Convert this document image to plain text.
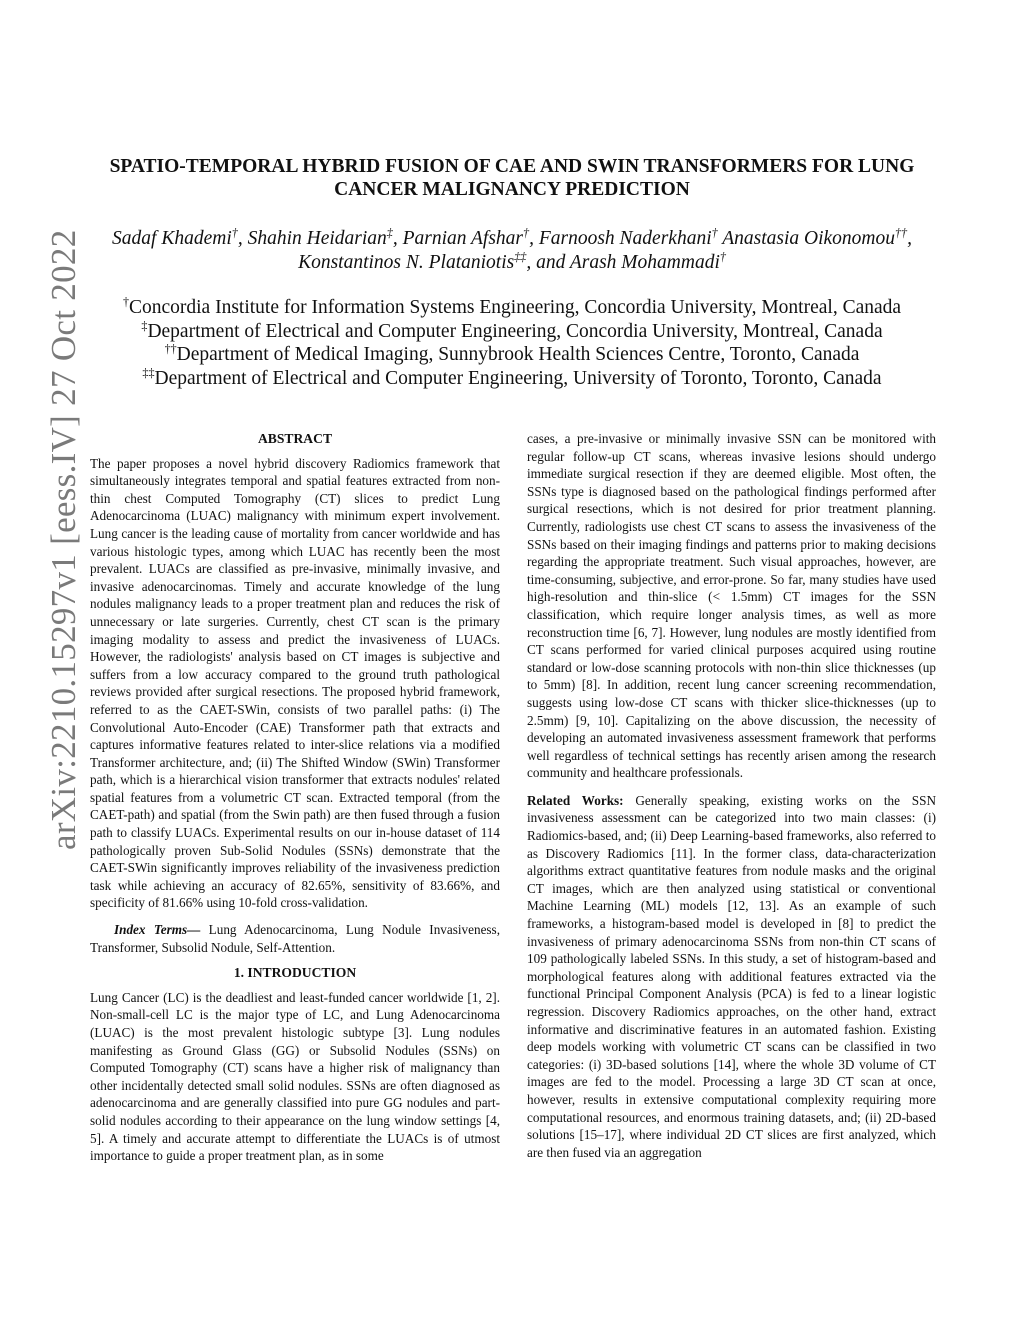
arXiv:2210.15297v1 [eess.IV] 27 Oct 2022
SPATIO-TEMPORAL HYBRID FUSION OF CAE AND SWIN TRANSFORMERS FOR LUNG CANCER MALIGNANCY PREDICTION
Sadaf Khademi†, Shahin Heidarian‡, Parnian Afshar†, Farnoosh Naderkhani† Anastasia Oikonomou††,
Konstantinos N. Plataniotis‡‡, and Arash Mohammadi†
†Concordia Institute for Information Systems Engineering, Concordia University, Montreal, Canada
‡Department of Electrical and Computer Engineering, Concordia University, Montreal, Canada
††Department of Medical Imaging, Sunnybrook Health Sciences Centre, Toronto, Canada
‡‡Department of Electrical and Computer Engineering, University of Toronto, Toronto, Canada
ABSTRACT

The paper proposes a novel hybrid discovery Radiomics framework that simultaneously integrates temporal and spatial features extracted from non-thin chest Computed Tomography (CT) slices to predict Lung Adenocarcinoma (LUAC) malignancy with minimum expert involvement. Lung cancer is the leading cause of mortality from cancer worldwide and has various histologic types, among which LUAC has recently been the most prevalent. LUACs are classified as pre-invasive, minimally invasive, and invasive adenocarcinomas. Timely and accurate knowledge of the lung nodules malignancy leads to a proper treatment plan and reduces the risk of unnecessary or late surgeries. Currently, chest CT scan is the primary imaging modality to assess and predict the invasiveness of LUACs. However, the radiologists' analysis based on CT images is subjective and suffers from a low accuracy compared to the ground truth pathological reviews provided after surgical resections. The proposed hybrid framework, referred to as the CAET-SWin, consists of two parallel paths: (i) The Convolutional Auto-Encoder (CAE) Transformer path that extracts and captures informative features related to inter-slice relations via a modified Transformer architecture, and; (ii) The Shifted Window (SWin) Transformer path, which is a hierarchical vision transformer that extracts nodules' related spatial features from a volumetric CT scan. Extracted temporal (from the CAET-path) and spatial (from the Swin path) are then fused through a fusion path to classify LUACs. Experimental results on our in-house dataset of 114 pathologically proven Sub-Solid Nodules (SSNs) demonstrate that the CAET-SWin significantly improves reliability of the invasiveness prediction task while achieving an accuracy of 82.65%, sensitivity of 83.66%, and specificity of 81.66% using 10-fold cross-validation.

Index Terms— Lung Adenocarcinoma, Lung Nodule Invasiveness, Transformer, Subsolid Nodule, Self-Attention.

1. INTRODUCTION

Lung Cancer (LC) is the deadliest and least-funded cancer worldwide [1, 2]. Non-small-cell LC is the major type of LC, and Lung Adenocarcinoma (LUAC) is the most prevalent histologic subtype [3]. Lung nodules manifesting as Ground Glass (GG) or Subsolid Nodules (SSNs) on Computed Tomography (CT) scans have a higher risk of malignancy than other incidentally detected small solid nodules. SSNs are often diagnosed as adenocarcinoma and are generally classified into pure GG nodules and part-solid nodules according to their appearance on the lung window settings [4, 5]. A timely and accurate attempt to differentiate the LUACs is of utmost importance to guide a proper treatment plan, as in some

cases, a pre-invasive or minimally invasive SSN can be monitored with regular follow-up CT scans, whereas invasive lesions should undergo immediate surgical resection if they are deemed eligible. Most often, the SSNs type is diagnosed based on the pathological findings performed after surgical resections, which is not desired for prior treatment planning. Currently, radiologists use chest CT scans to assess the invasiveness of the SSNs based on their imaging findings and patterns prior to making decisions regarding the appropriate treatment. Such visual approaches, however, are time-consuming, subjective, and error-prone. So far, many studies have used high-resolution and thin-slice (< 1.5mm) CT images for the SSN classification, which require longer analysis times, as well as more reconstruction time [6, 7]. However, lung nodules are mostly identified from CT scans performed for varied clinical purposes acquired using routine standard or low-dose scanning protocols with non-thin slice thicknesses (up to 5mm) [8]. In addition, recent lung cancer screening recommendation, suggests using low-dose CT scans with thicker slice-thicknesses (up to 2.5mm) [9, 10]. Capitalizing on the above discussion, the necessity of developing an automated invasiveness assessment framework that performs well regardless of technical settings has recently arisen among the research community and healthcare professionals.

Related Works: Generally speaking, existing works on the SSN invasiveness assessment can be categorized into two main classes: (i) Radiomics-based, and; (ii) Deep Learning-based frameworks, also referred to as Discovery Radiomics [11]. In the former class, data-characterization algorithms extract quantitative features from nodule masks and the original CT images, which are then analyzed using statistical or conventional Machine Learning (ML) models [12, 13]. As an example of such frameworks, a histogram-based model is developed in [8] to predict the invasiveness of primary adenocarcinoma SSNs from non-thin CT scans of 109 pathologically labeled SSNs. In this study, a set of histogram-based and morphological features along with additional features extracted via the functional Principal Component Analysis (PCA) is fed to a linear logistic regression. Discovery Radiomics approaches, on the other hand, extract informative and discriminative features in an automated fashion. Existing deep models working with volumetric CT scans can be classified in two categories: (i) 3D-based solutions [14], where the whole 3D volume of CT images are fed to the model. Processing a large 3D CT scan at once, however, results in extensive computational complexity requiring more computational resources, and enormous training datasets, and; (ii) 2D-based solutions [15–17], where individual 2D CT slices are first analyzed, which are then fused via an aggregation
